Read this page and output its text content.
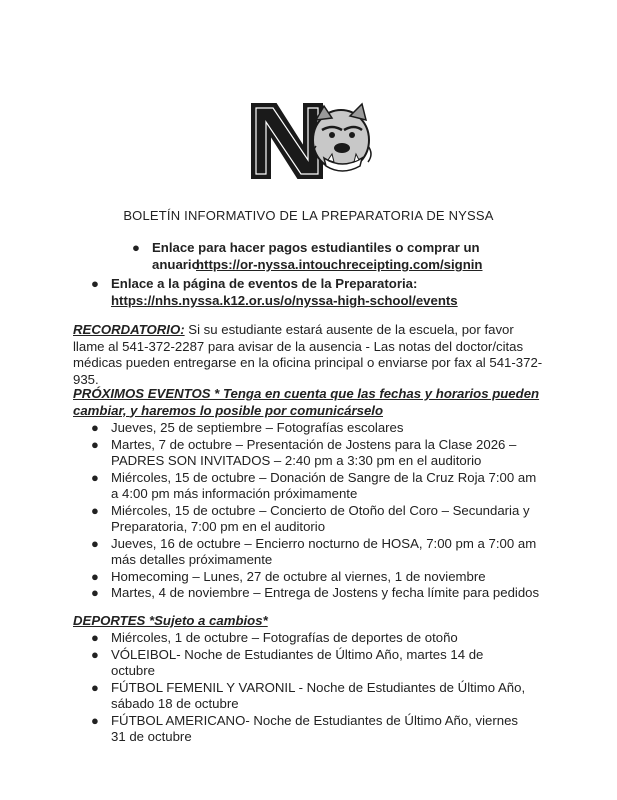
BOLETÍN INFORMATIVO DE LA PREPARATORIA DE NYSSA
● Enlace para hacer pagos estudiantiles o comprar un anuario:
https://or-nyssa.intouchreceipting.com/signin
● Enlace a la página de eventos de la Preparatoria:
https://nhs.nyssa.k12.or.us/o/nyssa-high-school/events
RECORDATORIO: Si su estudiante estará ausente de la escuela, por favor llame al 541-372-2287 para avisar de la ausencia - Las notas del doctor/citas médicas pueden entregarse en la oficina principal o enviarse por fax al 541-372-935.
PRÓXIMOS EVENTOS * Tenga en cuenta que las fechas y horarios pueden cambiar, y haremos lo posible por comunicárselo
● Jueves, 25 de septiembre – Fotografías escolares
● Martes, 7 de octubre – Presentación de Jostens para la Clase 2026 – PADRES SON INVITADOS – 2:40 pm a 3:30 pm en el auditorio
● Miércoles, 15 de octubre – Donación de Sangre de la Cruz Roja 7:00 am a 4:00 pm más información próximamente
● Miércoles, 15 de octubre – Concierto de Otoño del Coro – Secundaria y Preparatoria, 7:00 pm en el auditorio
● Jueves, 16 de octubre – Encierro nocturno de HOSA, 7:00 pm a 7:00 am más detalles próximamente
● Homecoming – Lunes, 27 de octubre al viernes, 1 de noviembre
● Martes, 4 de noviembre – Entrega de Jostens y fecha límite para pedidos
DEPORTES *Sujeto a cambios*
● Miércoles, 1 de octubre – Fotografías de deportes de otoño
● VÓLEIBOL- Noche de Estudiantes de Último Año, martes 14 de octubre
● FÚTBOL FEMENIL Y VARONIL - Noche de Estudiantes de Último Año, sábado 18 de octubre
● FÚTBOL AMERICANO- Noche de Estudiantes de Último Año, viernes 31 de octubre
